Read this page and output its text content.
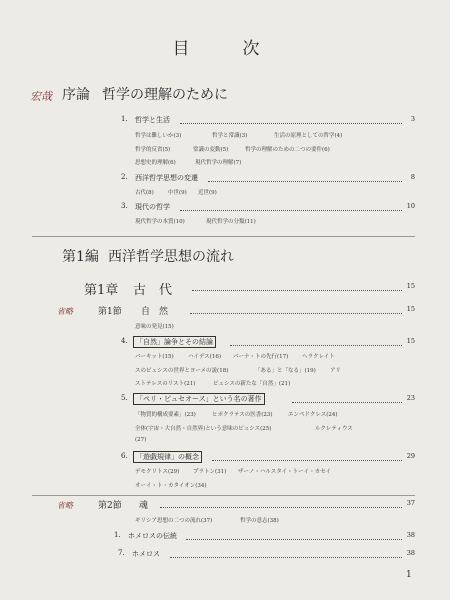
目　次
宏哉 序論 哲学の理解のために
1. 哲学と生活	3
哲学は難しいか(3)	哲学と常識(3)	生活の原理としての哲学(4)
哲学的反省(5)	常識の変動(5)	哲学の理解のための二つの要件(6)
思想史的理解(6)	現代哲学の理解(7)
2. 西洋哲学思想の変遷	8
古代(8)	中世(9) 近世(9)
3. 現代の哲学	10
現代哲学の本質(10)	現代哲学の分類(11)
第1編 西洋哲学思想の流れ
第1章 古　代	15
省略	第1節 自　然	15
意味の発見(15)
4.	「自然」論争とその結論	15
パーキット(15)	ハイデス(16) パーナ・トの先行(17) ヘラクレイト
スのピュシスの世界とヨーメの説(18)	「ある」と「なる」(19)	アリ
ストテレスのリスト(21)	ピュシスの新たな「自然」(21)
5.	「ペリ・ピュセオース」という名の著作	23
「物質的構成要素」(23)	ヒポクラテスの医書(23)	エンペドクレス(24)
全体(宇宙・大自然・自然界)という意味のピュシス(25)	ルクレティウス
(27)
6.	「遊戯規律」の概念	29
デモクリトス(29)	プラトン(31) ザーノ・ハルスタイ・トーイ・カセイ
オーイ・ト・カタイオン(34)
省略	第2節 魂	37
ギリシア思想の二つの流れ(37)	哲学の意志(38)
1. ホメロスの伝統	38
7. ホメロス	38
1
